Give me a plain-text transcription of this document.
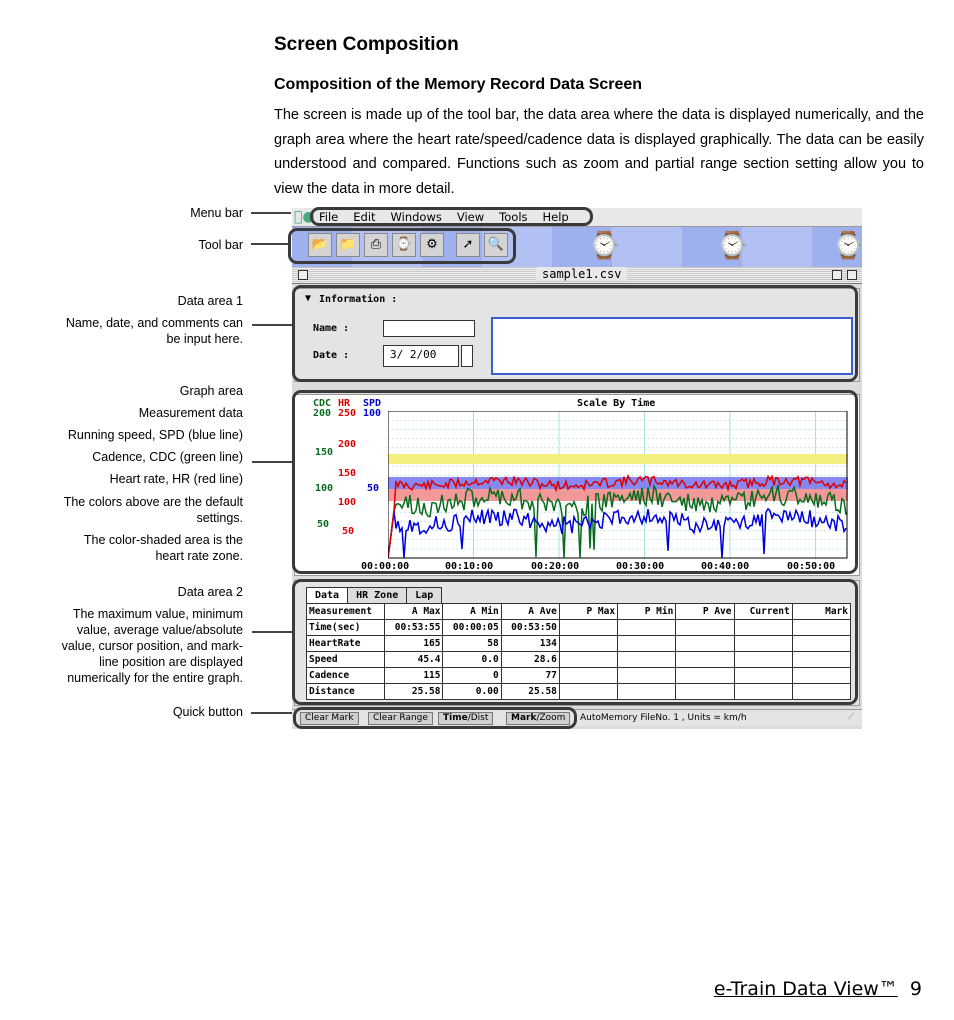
Screen Composition
Composition of the Memory Record Data Screen
The screen is made up of the tool bar, the data area where the data is displayed numerically, and the graph area where the heart rate/speed/cadence data is displayed graphically. The data can be easily understood and compared. Functions such as zoom and partial range section setting allow you to view the data in more detail.
Menu bar
Tool bar
Data area 1
Name, date, and comments can be input here.
Graph area
Measurement data
Running speed, SPD (blue line)
Cadence, CDC (green line)
Heart rate, HR (red line)
The colors above are the default settings.
The color-shaded area is the heart rate zone.
Data area 2
The maximum value, minimum value, average value/absolute value, cursor position, and mark-line position are displayed numerically for the entire graph.
Quick button
● File Edit Windows View Tools Help
📂 📁	⎙	⌚	⚙	➚	🔍	⌚	⌚	⌚
sample1.csv
▼ Information :
Name :
Date :	3/ 2/00
CDC HR SPD	Scale By Time
200
150
100
50
250
200
150
100
50
100
50
00:00:00	00:10:00	00:20:00	00:30:00	00:40:00	00:50:00
Data HR Zone Lap
Measurement	A Max	A Min	A Ave	P Max	P Min	P Ave	Current	Mark
Time(sec)	00:53:55	00:00:05	00:53:50					
HeartRate	165	58	134					
Speed	45.4	0.0	28.6					
Cadence	115	0	77					
Distance	25.58	0.00	25.58					
Clear Mark	Clear Range	Time/Dist	Mark/Zoom	AutoMemory FileNo. 1 , Units = km/h	⟋
e-Train Data View™ 9
